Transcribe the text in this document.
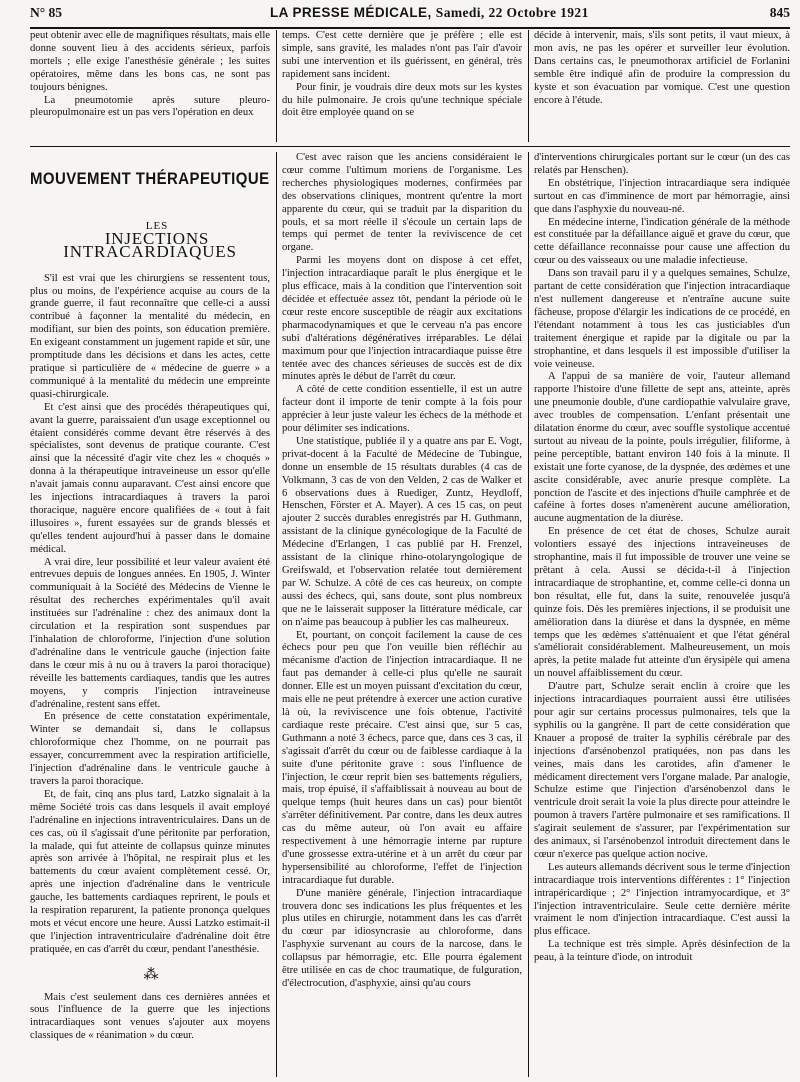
N° 85	LA PRESSE MÉDICALE, Samedi, 22 Octobre 1921	845

peut obtenir avec elle de magnifiques résultats, mais elle donne souvent lieu à des accidents sérieux, parfois mortels ; elle exige l'anesthésie générale ; les suites opératoires, même dans les bons cas, ne sont pas toujours bénignes.

La pneumotomie après suture pleuro-pleuropulmonaire est un pas vers l'opération en deux

temps. C'est cette dernière que je préfère ; elle est simple, sans gravité, les malades n'ont pas l'air d'avoir subi une intervention et ils guérissent, en général, très rapidement sans incident.

Pour finir, je voudrais dire deux mots sur les kystes du hile pulmonaire. Je crois qu'une technique spéciale doit être employée quand on se

décide à intervenir, mais, s'ils sont petits, il vaut mieux, à mon avis, ne pas les opérer et surveiller leur évolution. Dans certains cas, le pneumothorax artificiel de Forlanini semble être indiqué afin de produire la compression du kyste et son évacuation par vomique. C'est une question encore à l'étude.

MOUVEMENT THÉRAPEUTIQUE

LES

INJECTIONS INTRACARDIAQUES

S'il est vrai que les chirurgiens se ressentent tous, plus ou moins, de l'expérience acquise au cours de la grande guerre, il faut reconnaître que celle-ci a aussi contribué à façonner la mentalité du médecin, en modifiant, sur bien des points, son éducation première. En exigeant constamment un jugement rapide et sûr, une promptitude dans les décisions et dans les actes, cette pratique si particulière de « médecine de guerre » a communiqué à la mentalité du médecin une empreinte quasi-chirurgicale.

Et c'est ainsi que des procédés thérapeutiques qui, avant la guerre, paraissaient d'un usage exceptionnel ou étaient considérés comme devant être réservés à des spécialistes, sont devenus de pratique courante. C'est ainsi que la nécessité d'agir vite chez les « choqués » donna à la thérapeutique intraveineuse un essor qu'elle n'avait jamais connu auparavant. C'est ainsi encore que les injections intracardiaques à travers la paroi thoracique, naguère encore qualifiées de « tout à fait illusoires », furent essayées sur de grands blessés et qu'elles tendent aujourd'hui à passer dans le domaine médical.

A vrai dire, leur possibilité et leur valeur avaient été entrevues depuis de longues années. En 1905, J. Winter communiquait à la Société des Médecins de Vienne le résultat des recherches expérimentales qu'il avait instituées sur l'adrénaline : chez des animaux dont la circulation et la respiration sont suspendues par l'inhalation de chloroforme, l'injection d'une solution d'adrénaline dans le ventricule gauche (injection faite dans le cœur mis à nu ou à travers la paroi thoracique) réveille les battements cardiaques, tandis que les autres moyens, y compris l'injection intraveineuse d'adrénaline, restent sans effet.

En présence de cette constatation expérimentale, Winter se demandait si, dans le collapsus chloroformique chez l'homme, on ne pourrait pas essayer, concurremment avec la respiration artificielle, l'injection d'adrénaline dans le ventricule gauche à travers la paroi thoracique.

Et, de fait, cinq ans plus tard, Latzko signalait à la même Société trois cas dans lesquels il avait employé l'adrénaline en injections intraventriculaires. Dans un de ces cas, où il s'agissait d'une péritonite par perforation, la malade, qui fut atteinte de collapsus quinze minutes après son arrivée à l'hôpital, ne respirait plus et les battements du cœur avaient complètement cessé. Or, après une injection d'adrénaline dans le ventricule gauche, les battements cardiaques reprirent, le pouls et la respiration reparurent, la patiente prononça quelques mots et vécut encore une heure. Aussi Latzko estimait-il que l'injection intraventriculaire d'adrénaline doit être pratiquée, en cas d'arrêt du cœur, pendant l'anesthésie.

⁂

Mais c'est seulement dans ces dernières années et sous l'influence de la guerre que les injections intracardiaques sont venues s'ajouter aux moyens classiques de « réanimation » du cœur.

C'est avec raison que les anciens considéraient le cœur comme l'ultimum moriens de l'organisme. Les recherches physiologiques modernes, confirmées par des observations cliniques, montrent qu'entre la mort apparente du cœur, qui se traduit par la disparition du pouls, et sa mort réelle il s'écoule un certain laps de temps qui permet de tenter la reviviscence de cet organe.

Parmi les moyens dont on dispose à cet effet, l'injection intracardiaque paraît le plus énergique et le plus efficace, mais à la condition que l'intervention soit décidée et effectuée assez tôt, pendant la période où le cœur reste encore susceptible de réagir aux excitations pharmacodynamiques et que le cerveau n'a pas encore subi d'altérations dégénératives irréparables. Le délai maximum pour que l'injection intracardiaque puisse être tentée avec des chances sérieuses de succès est de dix minutes après le début de l'arrêt du cœur.

A côté de cette condition essentielle, il est un autre facteur dont il importe de tenir compte à la fois pour apprécier à leur juste valeur les échecs de la méthode et pour délimiter ses indications.

Une statistique, publiée il y a quatre ans par E. Vogt, privat-docent à la Faculté de Médecine de Tubingue, donne un ensemble de 15 résultats durables (4 cas de Volkmann, 3 cas de von den Velden, 2 cas de Walker et 6 observations dues à Ruediger, Zuntz, Heydloff, Henschen, Förster et A. Mayer). A ces 15 cas, on peut ajouter 2 succès durables enregistrés par H. Guthmann, assistant de la clinique gynécologique de la Faculté de Médecine d'Erlangen, 1 cas publié par H. Frenzel, assistant de la clinique rhino-otolaryngologique de Greifswald, et l'observation relatée tout dernièrement par W. Schulze. A côté de ces cas heureux, on compte aussi des échecs, qui, sans doute, sont plus nombreux que ne le laisserait supposer la littérature médicale, car on n'aime pas beaucoup à publier les cas malheureux.

Et, pourtant, on conçoit facilement la cause de ces échecs pour peu que l'on veuille bien réfléchir au mécanisme d'action de l'injection intracardiaque. Il ne faut pas demander à celle-ci plus qu'elle ne saurait donner. Elle est un moyen puissant d'excitation du cœur, mais elle ne peut prétendre à exercer une action curative là où, la reviviscence une fois obtenue, l'activité cardiaque reste précaire. C'est ainsi que, sur 5 cas, Guthmann a noté 3 échecs, parce que, dans ces 3 cas, il s'agissait d'arrêt du cœur ou de faiblesse cardiaque à la suite d'une péritonite grave : sous l'influence de l'injection, le cœur reprit bien ses battements réguliers, mais, trop épuisé, il s'affaiblissait à nouveau au bout de quelque temps (huit heures dans un cas) pour bientôt s'arrêter définitivement. Par contre, dans les deux autres cas du même auteur, où l'on avait eu affaire respectivement à une hémorragie interne par rupture d'une grossesse extra-utérine et à un arrêt du cœur par hypersensibilité au chloroforme, l'effet de l'injection intracardiaque fut durable.

D'une manière générale, l'injection intracardiaque trouvera donc ses indications les plus fréquentes et les plus utiles en chirurgie, notamment dans les cas d'arrêt du cœur par idiosyncrasie au chloroforme, dans l'asphyxie survenant au cours de la narcose, dans le collapsus par hémorragie, etc. Elle pourra également être utilisée en cas de choc traumatique, de fulguration, d'électrocution, d'asphyxie, ainsi qu'au cours

d'interventions chirurgicales portant sur le cœur (un des cas relatés par Henschen).

En obstétrique, l'injection intracardiaque sera indiquée surtout en cas d'imminence de mort par hémorragie, ainsi que dans l'asphyxie du nouveau-né.

En médecine interne, l'indication générale de la méthode est constituée par la défaillance aiguë et grave du cœur, que cette défaillance reconnaisse pour cause une affection du cœur ou des vaisseaux ou une maladie infectieuse.

Dans son travail paru il y a quelques semaines, Schulze, partant de cette considération que l'injection intracardiaque n'est nullement dangereuse et n'entraîne aucune suite fâcheuse, propose d'élargir les indications de ce procédé, en l'étendant notamment à tous les cas justiciables d'un traitement énergique et rapide par la digitale ou par la strophantine, et dans lesquels il est impossible d'utiliser la voie veineuse.

A l'appui de sa manière de voir, l'auteur allemand rapporte l'histoire d'une fillette de sept ans, atteinte, après une pneumonie double, d'une cardiopathie valvulaire grave, avec troubles de compensation. L'enfant présentait une dilatation énorme du cœur, avec souffle systolique accentué surtout au niveau de la pointe, pouls irrégulier, filiforme, à peine perceptible, battant environ 140 fois à la minute. Il existait une forte cyanose, de la dyspnée, des œdèmes et une ascite considérable, avec anurie presque complète. La ponction de l'ascite et des injections d'huile camphrée et de caféine à fortes doses n'amenèrent aucune amélioration, aucune augmentation de la diurèse.

En présence de cet état de choses, Schulze aurait volontiers essayé des injections intraveineuses de strophantine, mais il fut impossible de trouver une veine se prêtant à cela. Aussi se décida-t-il à l'injection intracardiaque de strophantine, et, comme celle-ci donna un bon résultat, elle fut, dans la suite, renouvelée jusqu'à quinze fois. Dès les premières injections, il se produisit une amélioration dans la diurèse et dans la dyspnée, en même temps que les œdèmes s'atténuaient et que l'état général s'améliorait considérablement. Malheureusement, un mois après, la petite malade fut atteinte d'un érysipèle qui amena un nouvel affaiblissement du cœur.

D'autre part, Schulze serait enclin à croire que les injections intracardiaques pourraient aussi être utilisées pour agir sur certains processus pulmonaires, tels que la syphilis ou la gangrène. Il part de cette considération que Knauer a proposé de traiter la syphilis cérébrale par des injections d'arsénobenzol pratiquées, non pas dans les veines, mais dans les carotides, afin d'amener le médicament directement vers l'organe malade. Par analogie, Schulze estime que l'injection d'arsénobenzol dans le ventricule droit serait la voie la plus directe pour atteindre le poumon à travers l'artère pulmonaire et ses ramifications. Il s'agirait seulement de s'assurer, par l'expérimentation sur des animaux, si l'arsénobenzol introduit directement dans le cœur n'exerce pas quelque action nocive.

Les auteurs allemands décrivent sous le terme d'injection intracardiaque trois interventions différentes : 1° l'injection intrapéricardique ; 2° l'injection intramyocardique, et 3° l'injection intraventriculaire. Seule cette dernière mérite vraiment le nom d'injection intracardiaque. C'est aussi la plus efficace.

La technique est très simple. Après désinfection de la peau, à la teinture d'iode, on introduit
